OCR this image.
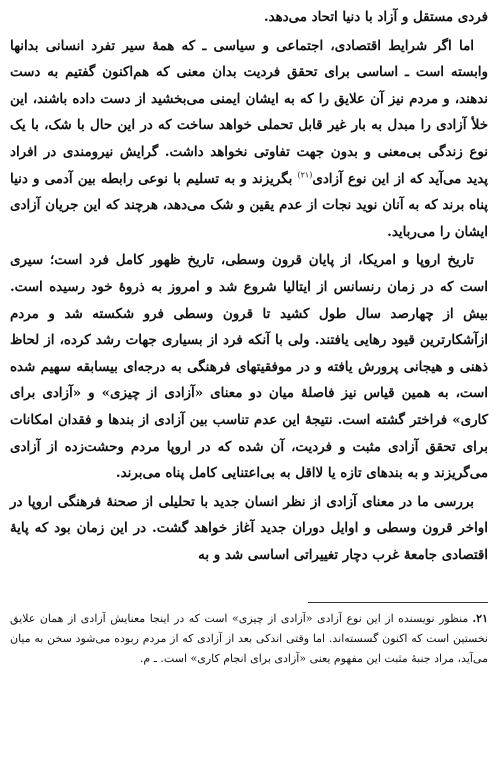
فردی مستقل و آزاد با دنیا اتحاد می‌دهد.

اما اگر شرایط اقتصادی، اجتماعی و سیاسی ـ که همهٔ سیر تفرد انسانی بدانها وابسته است ـ اساسی برای تحقق فردیت بدان معنی که هم‌اکنون گفتیم به دست ندهند، و مردم نیز آن علایق را که به ایشان ایمنی می‌بخشید از دست داده باشند، این خلأ آزادی را مبدل به بار غیر قابل تحملی خواهد ساخت که در این حال با شک، با یک نوع زندگی بی‌معنی و بدون جهت تفاوتی نخواهد داشت. گرایش نیرومندی در افراد پدید می‌آید که از این نوع آزادی$^{(۲۱)}$ بگریزند و به تسلیم با نوعی رابطه بین آدمی و دنیا پناه برند که به آنان نوید نجات از عدم یقین و شک می‌دهد، هرچند که این جریان آزادی ایشان را می‌رباید.

تاریخ اروپا و امریکا، از پایان قرون وسطی، تاریخ ظهور کامل فرد است؛ سیری است که در زمان رنسانس از ایتالیا شروع شد و امروز به ذروهٔ خود رسیده است. بیش از چهارصد سال طول کشید تا قرون وسطی فرو شکسته شد و مردم ازآشکارترین قیود رهایی یافتند. ولی با آنکه فرد از بسیاری جهات رشد کرده، از لحاظ ذهنی و هیجانی پرورش یافته و در موفقیتهای فرهنگی به درجه‌ای بیسابقه سهیم شده است، به همین قیاس نیز فاصلهٔ میان دو معنای «آزادی از چیزی» و «آزادی برای کاری» فراختر گشته است. نتیجهٔ این عدم تناسب بین آزادی از بندها و فقدان امکانات برای تحقق آزادی مثبت و فردیت، آن شده که در اروپا مردم وحشت‌زده از آزادی می‌گریزند و به بندهای تازه یا لااقل به بی‌اعتنایی کامل پناه می‌برند.

بررسی ما در معنای آزادی از نظر انسان جدید با تحلیلی از صحنهٔ فرهنگی اروپا در اواخر قرون وسطی و اوایل دوران جدید آغاز خواهد گشت. در این زمان بود که پایهٔ اقتصادی جامعهٔ غرب دچار تغییراتی اساسی شد و به

۲۱.منظور نویسنده از این نوع آزادی «آزادی از چیزی» است که در اینجا معنایش آزادی از همان علایق نخستین است که اکنون گسسته‌اند. اما وقتی اندکی بعد از آزادی که از مردم ربوده می‌شود سخن به میان می‌آید، مراد جنبهٔ مثبت این مفهوم یعنی «آزادی برای انجام کاری» است. ـ م.
